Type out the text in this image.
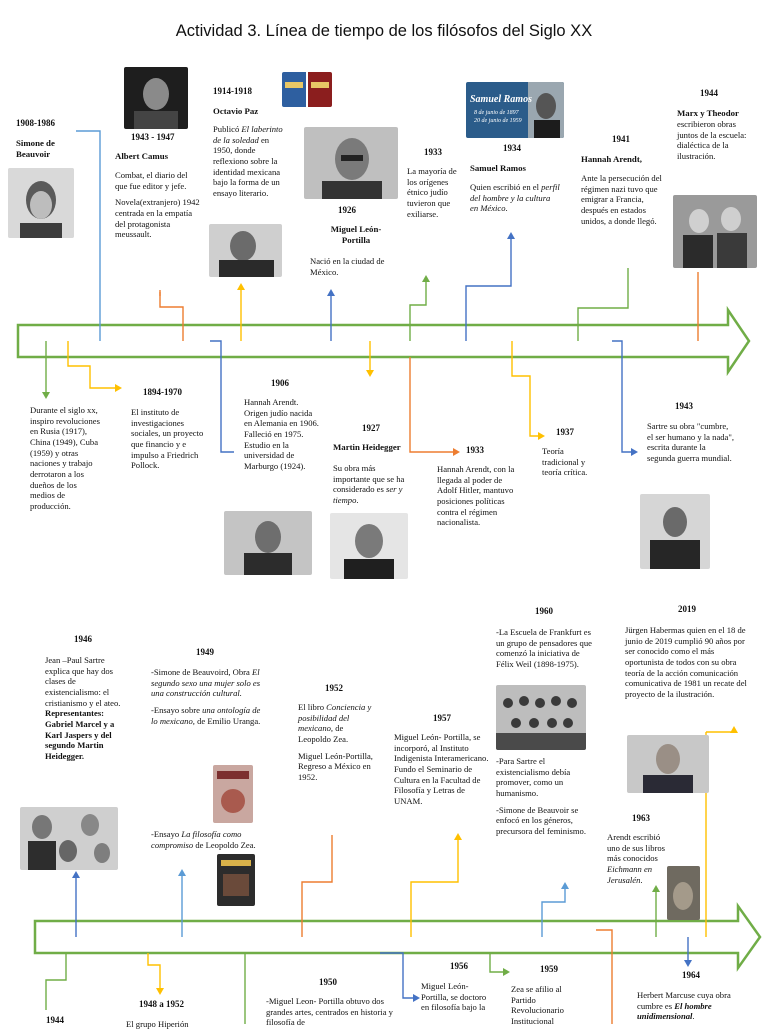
Actividad 3. Línea de tiempo de los filósofos del Siglo XX
1908-1986
Simone de Beauvoir
1943 - 1947
Albert Camus

Combat, el diario del que fue editor y jefe.

Novela(extranjero) 1942 centrada en la empatía del protagonista meussault.

1914-1918
Octavio Paz
Publicó El laberinto de la soledad en 1950, donde reflexiono sobre la identidad mexicana bajo la forma de un ensayo literario.
1926
Miguel León-Portilla
Nació en la ciudad de México.
1933
La mayoría de los orígenes étnico judío tuvieron que exiliarse.
Samuel Ramos
8 de junio de 1897
20 de junio de 1959
1934
Samuel Ramos
Quien escribió en el perfil del hombre y la cultura en México.
1941
Hannah Arendt,
Ante la persecución del régimen nazi tuvo que emigrar a Francia, después en estados unidos, a donde llegó.
1944
Marx y Theodor
escribieron obras juntos de la escuela: dialéctica de la ilustración.
Durante el siglo xx, inspiro revoluciones en Rusia (1917), China (1949), Cuba (1959) y otras naciones y trabajo derrotaron a los dueños de los medios de producción.
1894-1970
El instituto de investigaciones sociales, un proyecto que financio y e impulso a Friedrich Pollock.
1906
Hannah Arendt. Origen judío nacida en Alemania en 1906. Falleció en 1975. Estudio en la universidad de Marburgo (1924).
1927
Martin Heidegger
Su obra más importante que se ha considerado es ser y tiempo.
1933
Hannah Arendt, con la llegada al poder de Adolf Hitler, mantuvo posiciones políticas contra el régimen nacionalista.
1937
Teoría tradicional y teoría crítica.
1943
Sartre su obra "cumbre, el ser humano y la nada", escrita durante la segunda guerra mundial.
1946
Jean –Paul Sartre explica que hay dos clases de existencialismo: el cristianismo y el ateo.
Representantes: Gabriel Marcel y a Karl Jaspers y del segundo Martin Heidegger.
1949

-Simone de Beauvoird, Obra El segundo sexo una mujer solo es una construcción cultural.

-Ensayo sobre una ontología de lo mexicano, de Emilio Uranga.

-Ensayo La filosofía como compromiso de Leopoldo Zea.
1952

El libro Conciencia y posibilidad del mexicano, de Leopoldo Zea.

Miguel León-Portilla, Regreso a México en 1952.

1957
Miguel León- Portilla, se incorporó, al Instituto Indigenista Interamericano. Fundo el Seminario de Cultura en la Facultad de Filosofía y Letras de UNAM.
1960

-La Escuela de Frankfurt es un grupo de pensadores que comenzó la iniciativa de Félix Weil (1898-1975).

-Para Sartre el existencialismo debía promover, como un humanismo.

-Simone de Beauvoir se enfocó en los géneros, precursora del feminismo.

2019
Jürgen Habermas quien en el 18 de junio de 2019 cumplió 90 años por ser conocido como el más oportunista de todos con su obra teoría de la acción comunicación comunicativa de 1981 un recate del proyecto de la ilustración.
1963
Arendt escribió uno de sus libros más conocidos Eichmann en Jerusalén.
1944
1948 a 1952
El grupo Hiperión
1950
-Miguel Leon- Portilla obtuvo dos grandes artes, centrados en historia y filosofía de
1956
Miguel León- Portilla, se doctoro en filosofía bajo la
1959
Zea se afilio al Partido Revolucionario Institucional
1964
Herbert Marcuse cuya obra cumbre es El hombre unidimensional.
